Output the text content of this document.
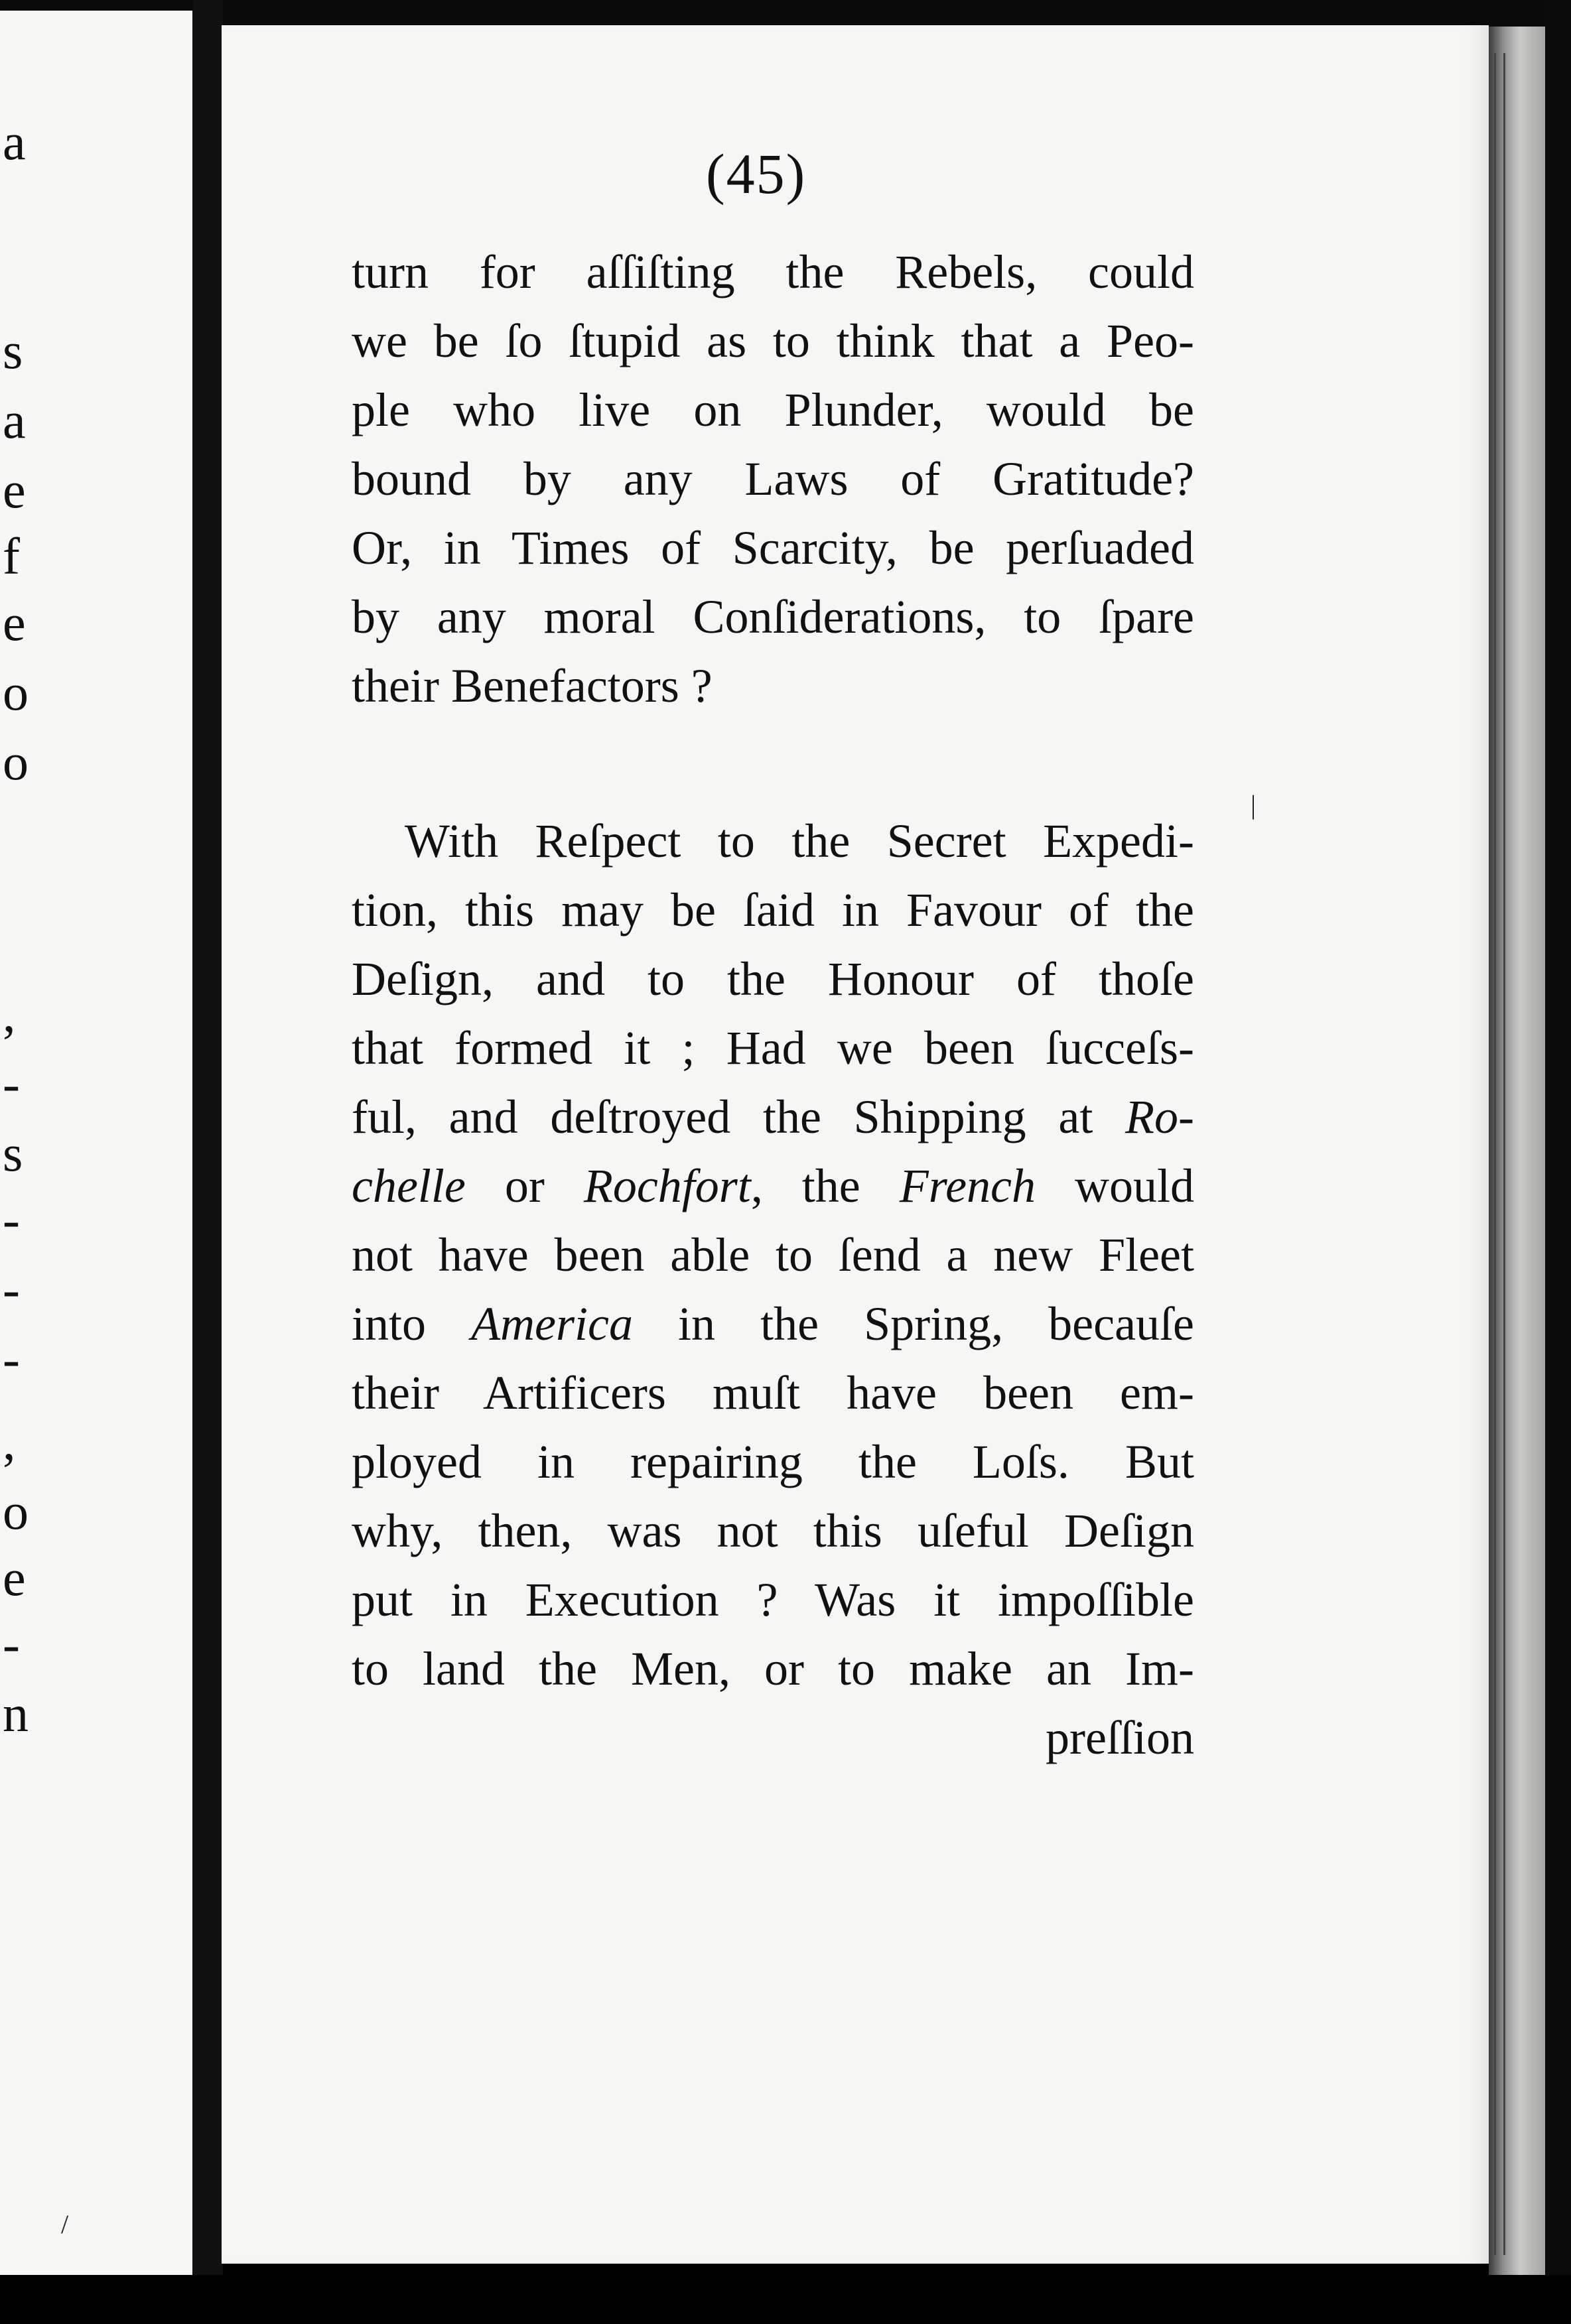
a
s
a
e
f
e
o
o
,
-
s
-
-
-
,
o
e
-
n
(45)
turn for aſſiſting the Rebels, could
we be ſo ſtupid as to think that a Peo-
ple who live on Plunder, would be
bound by any Laws of Gratitude?
Or, in Times of Scarcity, be perſuaded
by any moral Conſiderations, to ſpare
their Benefactors ?
With Reſpect to the Secret Expedi-
tion, this may be ſaid in Favour of the
Deſign, and to the Honour of thoſe
that formed it ; Had we been ſucceſs-
ful, and deſtroyed the Shipping at Ro-
chelle or Rochfort, the French would
not have been able to ſend a new Fleet
into America in the Spring, becauſe
their Artificers muſt have been em-
ployed in repairing the Loſs. But
why, then, was not this uſeful Deſign
put in Execution ? Was it impoſſible
to land the Men, or to make an Im-
preſſion
|
/
